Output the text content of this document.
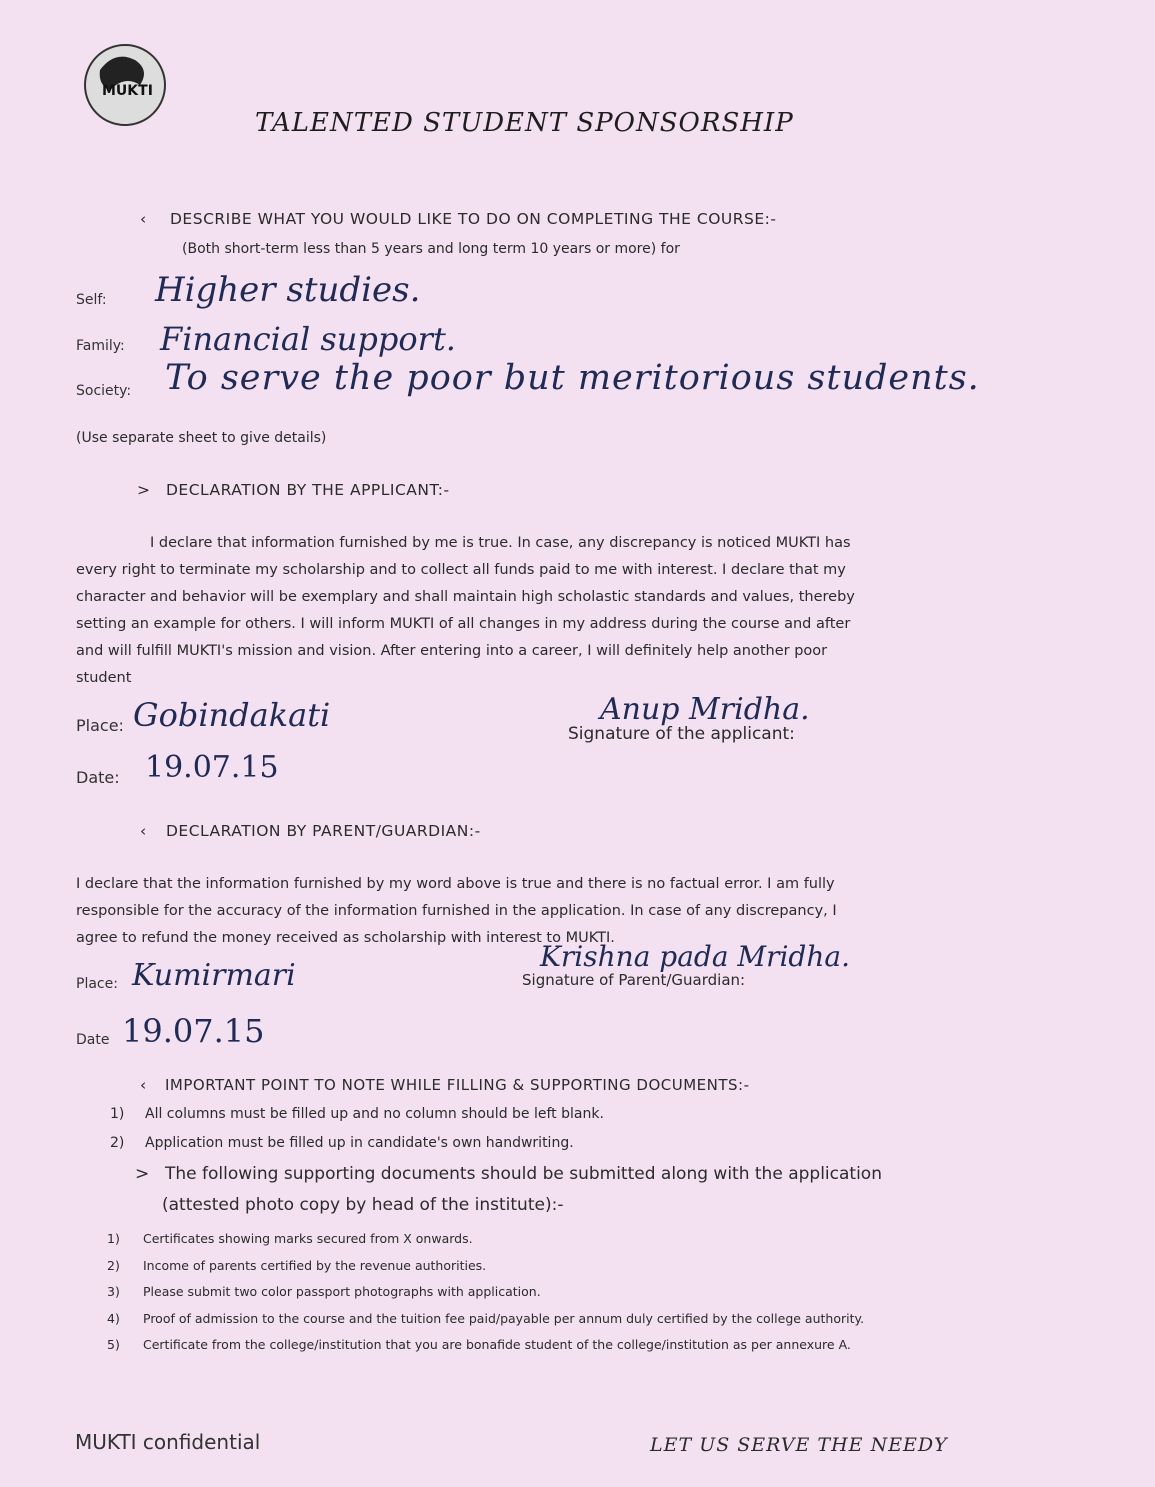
MUKTI
TALENTED STUDENT SPONSORSHIP
‹ DESCRIBE WHAT YOU WOULD LIKE TO DO ON COMPLETING THE COURSE:-
(Both short-term less than 5 years and long term 10 years or more) for
Self: Higher studies.
Family: Financial support.
Society: To serve the poor but meritorious students.
(Use separate sheet to give details)
> DECLARATION BY THE APPLICANT:-
I declare that information furnished by me is true. In case, any discrepancy is noticed MUKTI has
every right to terminate my scholarship and to collect all funds paid to me with interest. I declare that my
character and behavior will be exemplary and shall maintain high scholastic standards and values, thereby
setting an example for others. I will inform MUKTI of all changes in my address during the course and after
and will fulfill MUKTI's mission and vision. After entering into a career, I will definitely help another poor
student
Place: Gobindakati
Date: 19.07.15
Anup Mridha.
Signature of the applicant:
‹ DECLARATION BY PARENT/GUARDIAN:-
I declare that the information furnished by my word above is true and there is no factual error. I am fully
responsible for the accuracy of the information furnished in the application. In case of any discrepancy, I
agree to refund the money received as scholarship with interest to MUKTI.
Place: Kumirmari
Date 19.07.15
Krishna pada Mridha.
Signature of Parent/Guardian:
‹ IMPORTANT POINT TO NOTE WHILE FILLING & SUPPORTING DOCUMENTS:-
1) All columns must be filled up and no column should be left blank.
2) Application must be filled up in candidate's own handwriting.
> The following supporting documents should be submitted along with the application
(attested photo copy by head of the institute):-
1) Certificates showing marks secured from X onwards.
2) Income of parents certified by the revenue authorities.
3) Please submit two color passport photographs with application.
4) Proof of admission to the course and the tuition fee paid/payable per annum duly certified by the college authority.
5) Certificate from the college/institution that you are bonafide student of the college/institution as per annexure A.
MUKTI confidential	LET US SERVE THE NEEDY
